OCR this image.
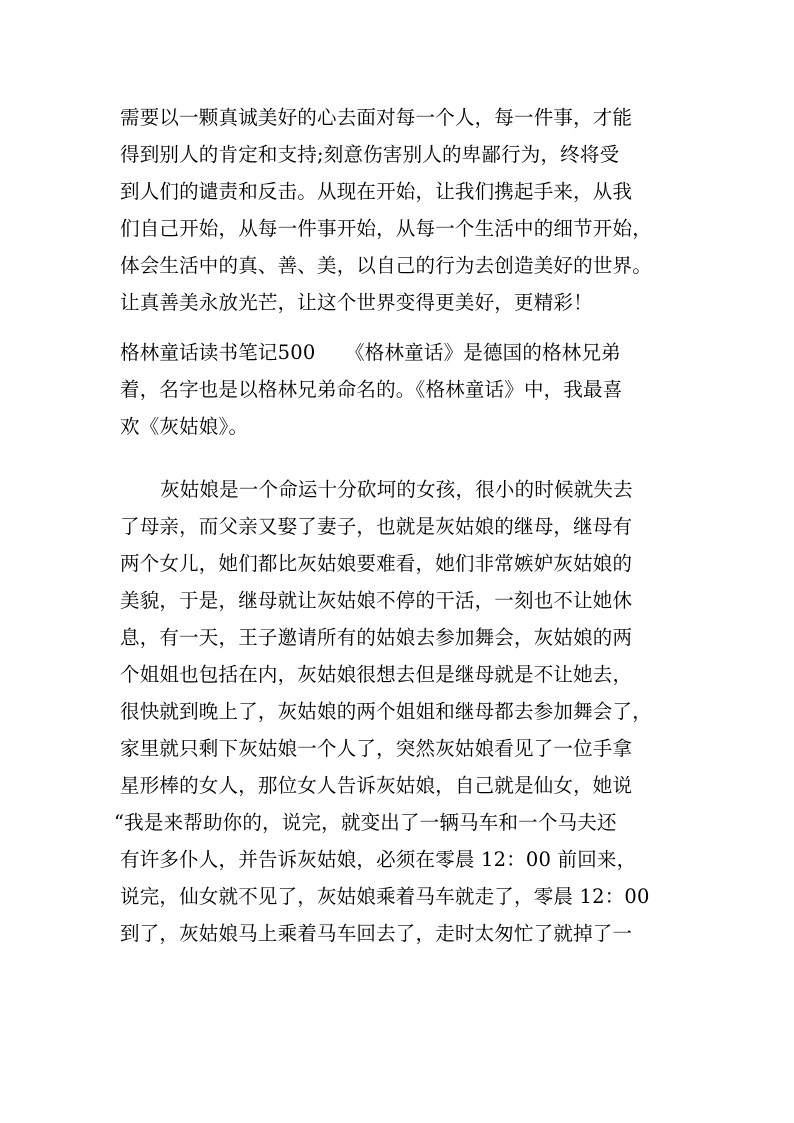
需要以一颗真诚美好的心去面对每一个人，每一件事，才能
得到别人的肯定和支持;刻意伤害别人的卑鄙行为，终将受
到人们的谴责和反击。从现在开始，让我们携起手来，从我
们自己开始，从每一件事开始，从每一个生活中的细节开始，
体会生活中的真、善、美，以自己的行为去创造美好的世界。
让真善美永放光芒，让这个世界变得更美好，更精彩！
格林童话读书笔记500　　《格林童话》是德国的格林兄弟
着，名字也是以格林兄弟命名的。《格林童话》中，我最喜
欢《灰姑娘》。
灰姑娘是一个命运十分砍坷的女孩，很小的时候就失去
了母亲，而父亲又娶了妻子，也就是灰姑娘的继母，继母有
两个女儿，她们都比灰姑娘要难看，她们非常嫉妒灰姑娘的
美貌，于是，继母就让灰姑娘不停的干活，一刻也不让她休
息，有一天，王子邀请所有的姑娘去参加舞会，灰姑娘的两
个姐姐也包括在内，灰姑娘很想去但是继母就是不让她去，
很快就到晚上了，灰姑娘的两个姐姐和继母都去参加舞会了，
家里就只剩下灰姑娘一个人了，突然灰姑娘看见了一位手拿
星形棒的女人，那位女人告诉灰姑娘，自己就是仙女，她说
“我是来帮助你的，说完，就变出了一辆马车和一个马夫还
有许多仆人，并告诉灰姑娘，必须在零晨 12：00 前回来，
说完，仙女就不见了，灰姑娘乘着马车就走了，零晨 12：00
到了，灰姑娘马上乘着马车回去了，走时太匆忙了就掉了一
